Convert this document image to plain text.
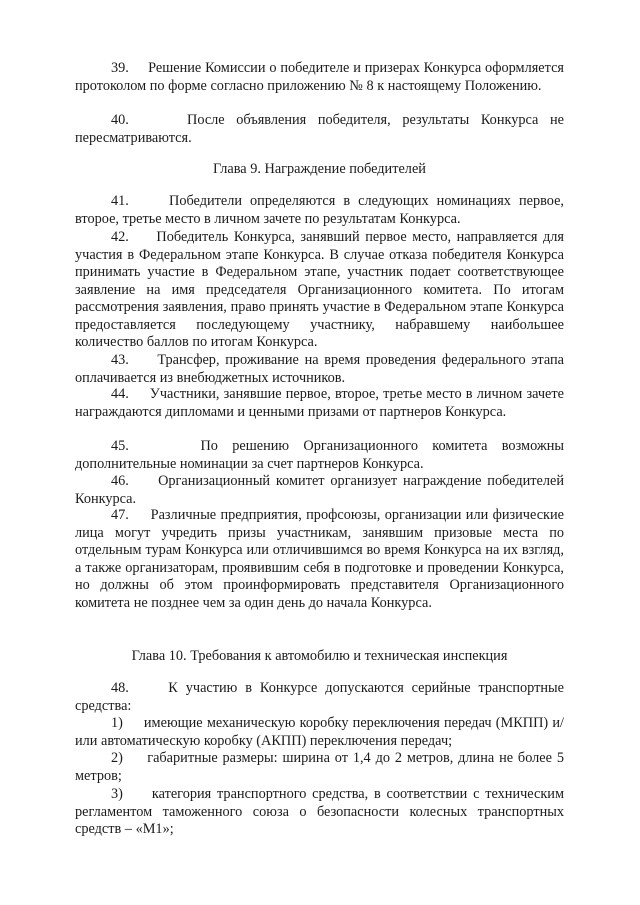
39.     Решение Комиссии о победителе и призерах Конкурса оформляется протоколом по форме согласно приложению № 8 к настоящему Положению.

40.     После объявления победителя, результаты Конкурса не пересматриваются.

Глава 9. Награждение победителей

41.     Победители определяются в следующих номинациях первое, второе, третье место в личном зачете по результатам Конкурса.

42.     Победитель Конкурса, занявший первое место, направляется для участия в Федеральном этапе Конкурса. В случае отказа победителя Конкурса принимать участие в Федеральном этапе, участник подает соответствующее заявление на имя председателя Организационного комитета. По итогам рассмотрения заявления, право принять участие в Федеральном этапе Конкурса предоставляется последующему участнику, набравшему наибольшее количество баллов по итогам Конкурса.

43.     Трансфер, проживание на время проведения федерального этапа оплачивается из внебюджетных источников.

44.     Участники, занявшие первое, второе, третье место в личном зачете награждаются дипломами и ценными призами от партнеров Конкурса.

45.     По решению Организационного комитета возможны дополнительные номинации за счет партнеров Конкурса.

46.     Организационный комитет организует награждение победителей Конкурса.

47.     Различные предприятия, профсоюзы, организации или физические лица могут учредить призы участникам, занявшим призовые места по отдельным турам Конкурса или отличившимся во время Конкурса на их взгляд, а также организаторам, проявившим себя в подготовке и проведении Конкурса, но должны об этом проинформировать представителя Организационного комитета не позднее чем за один день до начала Конкурса.

Глава 10. Требования к автомобилю и техническая инспекция

48.     К участию в Конкурсе допускаются серийные транспортные средства:

1)     имеющие механическую коробку переключения передач (МКПП) и/или автоматическую коробку (АКПП) переключения передач;

2)     габаритные размеры: ширина от 1,4 до 2 метров, длина не более 5 метров;

3)     категория транспортного средства, в соответствии с техническим регламентом таможенного союза о безопасности колесных транспортных средств – «М1»;
